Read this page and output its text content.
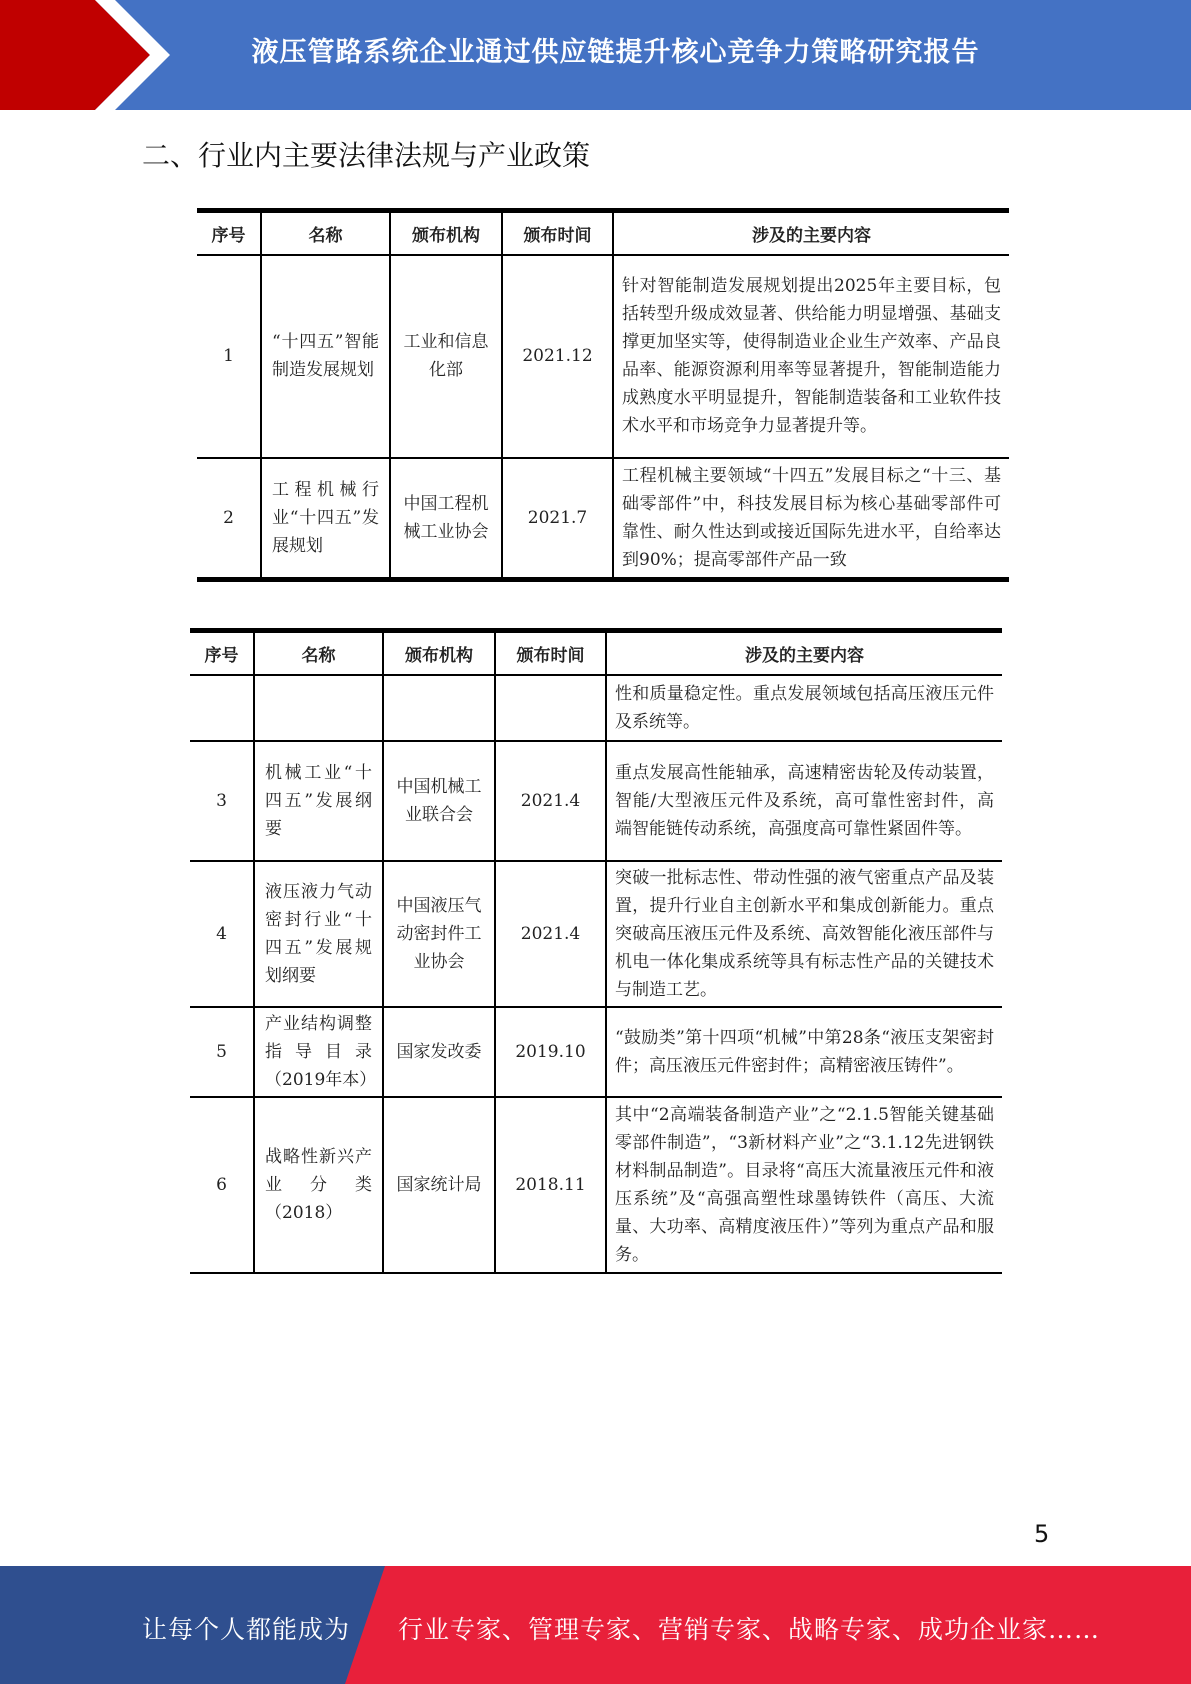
液压管路系统企业通过供应链提升核心竞争力策略研究报告
二、行业内主要法律法规与产业政策
序号	名称	颁布机构	颁布时间	涉及的主要内容
1	“十四五”智能制造发展规划	工业和信息化部	2021.12	针对智能制造发展规划提出2025年主要目标，包括转型升级成效显著、供给能力明显增强、基础支撑更加坚实等，使得制造业企业生产效率、产品良品率、能源资源利用率等显著提升，智能制造能力成熟度水平明显提升，智能制造装备和工业软件技术水平和市场竞争力显著提升等。
2	工程机械行业“十四五”发展规划	中国工程机械工业协会	2021.7	工程机械主要领域“十四五”发展目标之“十三、基础零部件”中，科技发展目标为核心基础零部件可靠性、耐久性达到或接近国际先进水平，自给率达到90%；提高零部件产品一致
序号	名称	颁布机构	颁布时间	涉及的主要内容
				性和质量稳定性。重点发展领域包括高压液压元件及系统等。
3	机械工业“十四五”发展纲要	中国机械工业联合会	2021.4	重点发展高性能轴承，高速精密齿轮及传动装置，智能/大型液压元件及系统，高可靠性密封件，高端智能链传动系统，高强度高可靠性紧固件等。
4	液压液力气动密封行业“十四五”发展规划纲要	中国液压气动密封件工业协会	2021.4	突破一批标志性、带动性强的液气密重点产品及装置，提升行业自主创新水平和集成创新能力。重点突破高压液压元件及系统、高效智能化液压部件与机电一体化集成系统等具有标志性产品的关键技术与制造工艺。
5	产业结构调整指导目录（2019年本）	国家发改委	2019.10	“鼓励类”第十四项“机械”中第28条“液压支架密封件；高压液压元件密封件；高精密液压铸件”。
6	战略性新兴产业分类（2018）	国家统计局	2018.11	其中“2高端装备制造产业”之“2.1.5智能关键基础零部件制造”，“3新材料产业”之“3.1.12先进钢铁材料制品制造”。目录将“高压大流量液压元件和液压系统”及“高强高塑性球墨铸铁件（高压、大流量、大功率、高精度液压件）”等列为重点产品和服务。
5
让每个人都能成为 行业专家、管理专家、营销专家、战略专家、成功企业家……
